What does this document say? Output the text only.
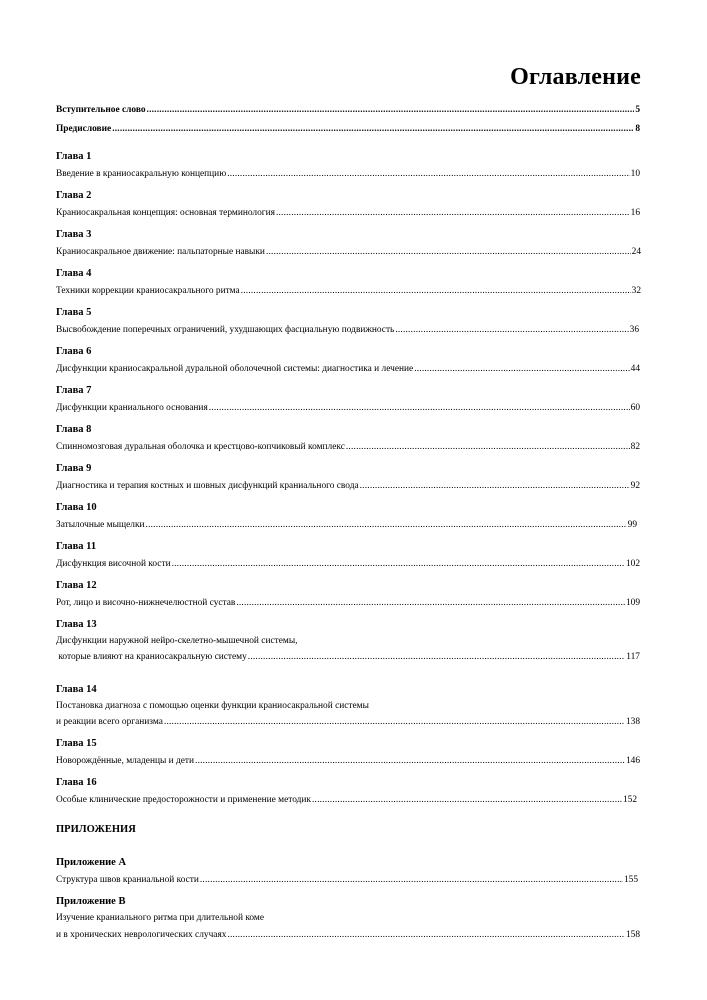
Оглавление
Вступительное слово .....	5
Предисловие .....	8
Глава 1
Введение в краниосакральную концепцию .....	10
Глава 2
Краниосакральная концепция: основная терминология .....	16
Глава 3
Краниосакральное движение: пальпаторные навыки .....	24
Глава 4
Техники коррекции краниосакрального ритма .....	32
Глава 5
Высвобождение поперечных ограничений, ухудшающих фасциальную подвижность .....	36
Глава 6
Дисфункции краниосакральной дуральной оболочечной системы: диагностика и лечение .....	44
Глава 7
Дисфункции краниального основания .....	60
Глава 8
Спинномозговая дуральная оболочка и крестцово-копчиковый комплекс .....	82
Глава 9
Диагностика и терапия костных и шовных дисфункций краниального свода .....	92
Глава 10
Затылочные мыщелки .....	99
Глава 11
Дисфункция височной кости .....	102
Глава 12
Рот, лицо и височно-нижнечелюстной сустав .....	109
Глава 13
Дисфункции наружной нейро-скелетно-мышечной системы,
которые влияют на краниосакральную систему .....	117
Глава 14
Постановка диагноза с помощью оценки функции краниосакральной системы
и реакции всего организма .....	138
Глава 15
Новорождённые, младенцы и дети .....	146
Глава 16
Особые клинические предосторожности и применение методик .....	152
ПРИЛОЖЕНИЯ
Приложение А
Структура швов краниальной кости .....	155
Приложение В
Изучение краниального ритма при длительной коме
и в хронических неврологических случаях .....	158
